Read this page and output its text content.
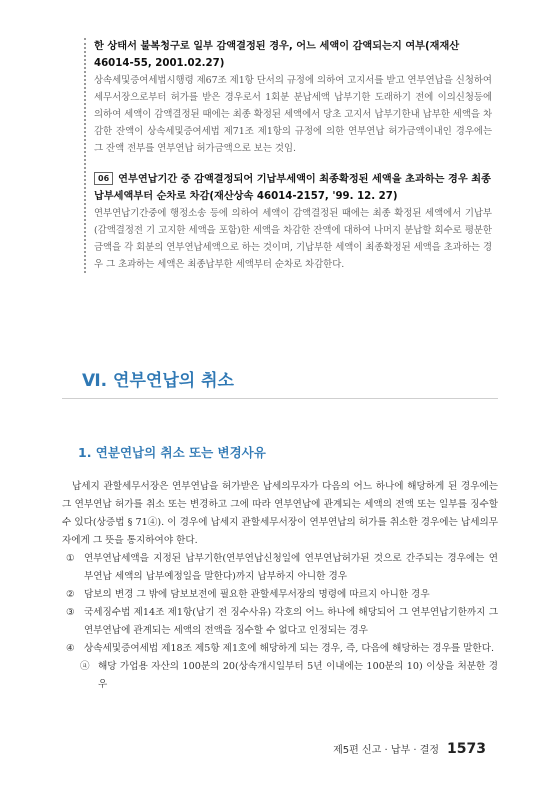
한 상태서 불복청구로 일부 감액결정된 경우, 어느 세액이 감액되는지 여부(재재산46014-55, 2001.02.27)

상속세및증여세법시행령 제67조 제1항 단서의 규정에 의하여 고지서를 받고 연부연납을 신청하여 세무서장으로부터 허가를 받은 경우로서 1회분 분납세액 납부기한 도래하기 전에 이의신청등에 의하여 세액이 감액결정된 때에는 최종 확정된 세액에서 당초 고지서 납부기한내 납부한 세액을 차감한 잔액이 상속세및증여세법 제71조 제1항의 규정에 의한 연부연납 허가금액이내인 경우에는 그 잔액 전부를 연부연납 허가금액으로 보는 것임.

06 연부연납기간 중 감액결정되어 기납부세액이 최종확정된 세액을 초과하는 경우 최종납부세액부터 순차로 차감(재산상속 46014-2157, '99. 12. 27)

연부연납기간중에 행정소송 등에 의하여 세액이 감액결정된 때에는 최종 확정된 세액에서 기납부(감액결정전 기 고지한 세액을 포함)한 세액을 차감한 잔액에 대하여 나머지 분납할 회수로 평분한 금액을 각 회분의 연부연납세액으로 하는 것이며, 기납부한 세액이 최종확정된 세액을 초과하는 경우 그 초과하는 세액은 최종납부한 세액부터 순차로 차감한다.

Ⅵ. 연부연납의 취소
1. 연분연납의 취소 또는 변경사유

납세지 관할세무서장은 연부연납을 허가받은 납세의무자가 다음의 어느 하나에 해당하게 된 경우에는 그 연부연납 허가를 취소 또는 변경하고 그에 따라 연부연납에 관계되는 세액의 전액 또는 일부를 징수할 수 있다(상증법 § 71④). 이 경우에 납세지 관할세무서장이 연부연납의 허가를 취소한 경우에는 납세의무자에게 그 뜻을 통지하여야 한다.

① 연부연납세액을 지정된 납부기한(연부연납신청일에 연부연납허가된 것으로 간주되는 경우에는 연부연납 세액의 납부예정일을 말한다)까지 납부하지 아니한 경우
② 담보의 변경 그 밖에 담보보전에 필요한 관할세무서장의 명령에 따르지 아니한 경우
③ 국세징수법 제14조 제1항(납기 전 징수사유) 각호의 어느 하나에 해당되어 그 연부연납기한까지 그 연부연납에 관계되는 세액의 전액을 징수할 수 없다고 인정되는 경우
④ 상속세및증여세법 제18조 제5항 제1호에 해당하게 되는 경우, 즉, 다음에 해당하는 경우를 말한다.
ⓐ 해당 가업용 자산의 100분의 20(상속개시일부터 5년 이내에는 100분의 10) 이상을 처분한 경우
제5편 신고 · 납부 · 결정 1573
